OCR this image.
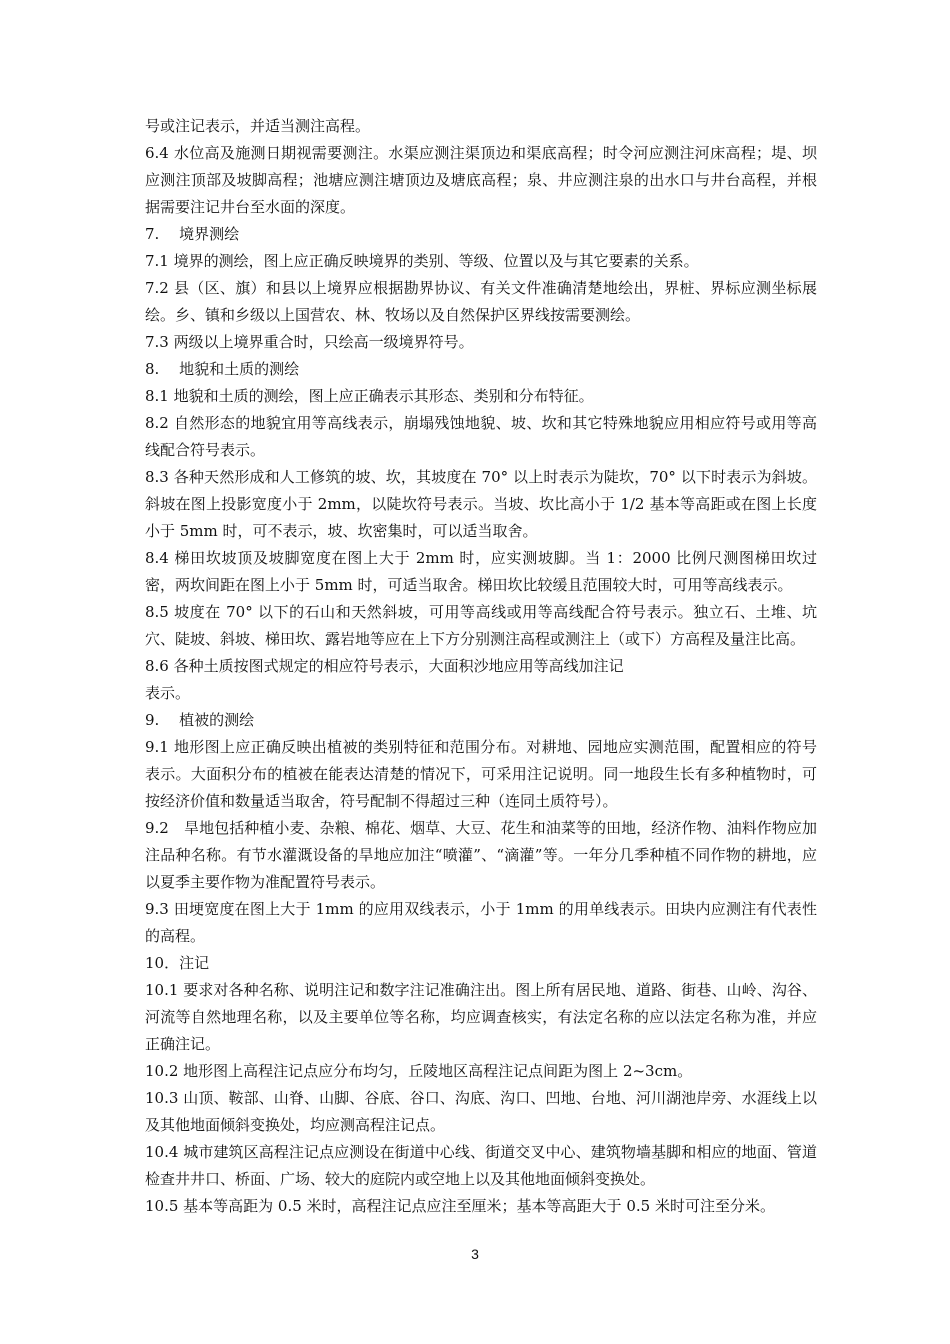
号或注记表示，并适当测注高程。

6.4 水位高及施测日期视需要测注。水渠应测注渠顶边和渠底高程；时令河应测注河床高程；堤、坝应测注顶部及坡脚高程；池塘应测注塘顶边及塘底高程；泉、井应测注泉的出水口与井台高程，并根据需要注记井台至水面的深度。

7.　 境界测绘

7.1 境界的测绘，图上应正确反映境界的类别、等级、位置以及与其它要素的关系。

7.2 县（区、旗）和县以上境界应根据勘界协议、有关文件准确清楚地绘出，界桩、界标应测坐标展绘。乡、镇和乡级以上国营农、林、牧场以及自然保护区界线按需要测绘。

7.3 两级以上境界重合时，只绘高一级境界符号。

8.　 地貌和土质的测绘

8.1 地貌和土质的测绘，图上应正确表示其形态、类别和分布特征。

8.2 自然形态的地貌宜用等高线表示，崩塌残蚀地貌、坡、坎和其它特殊地貌应用相应符号或用等高线配合符号表示。

8.3 各种天然形成和人工修筑的坡、坎，其坡度在 70° 以上时表示为陡坎，70° 以下时表示为斜坡。斜坡在图上投影宽度小于 2mm，以陡坎符号表示。当坡、坎比高小于 1/2 基本等高距或在图上长度小于 5mm 时，可不表示，坡、坎密集时，可以适当取舍。

8.4 梯田坎坡顶及坡脚宽度在图上大于 2mm 时，应实测坡脚。当 1：2000 比例尺测图梯田坎过密，两坎间距在图上小于 5mm 时，可适当取舍。梯田坎比较缓且范围较大时，可用等高线表示。

8.5 坡度在 70° 以下的石山和天然斜坡，可用等高线或用等高线配合符号表示。独立石、土堆、坑穴、陡坡、斜坡、梯田坎、露岩地等应在上下方分别测注高程或测注上（或下）方高程及量注比高。

8.6 各种土质按图式规定的相应符号表示，大面积沙地应用等高线加注记

表示。

9.　 植被的测绘

9.1 地形图上应正确反映出植被的类别特征和范围分布。对耕地、园地应实测范围，配置相应的符号表示。大面积分布的植被在能表达清楚的情况下，可采用注记说明。同一地段生长有多种植物时，可按经济价值和数量适当取舍，符号配制不得超过三种（连同土质符号）。

9.2　旱地包括种植小麦、杂粮、棉花、烟草、大豆、花生和油菜等的田地，经济作物、油料作物应加注品种名称。有节水灌溉设备的旱地应加注“喷灌”、“滴灌”等。一年分几季种植不同作物的耕地，应以夏季主要作物为准配置符号表示。

9.3 田埂宽度在图上大于 1mm 的应用双线表示，小于 1mm 的用单线表示。田块内应测注有代表性的高程。

10．注记

10.1 要求对各种名称、说明注记和数字注记准确注出。图上所有居民地、道路、街巷、山岭、沟谷、河流等自然地理名称，以及主要单位等名称，均应调查核实，有法定名称的应以法定名称为准，并应正确注记。

10.2 地形图上高程注记点应分布均匀，丘陵地区高程注记点间距为图上 2~3cm。

10.3 山顶、鞍部、山脊、山脚、谷底、谷口、沟底、沟口、凹地、台地、河川湖池岸旁、水涯线上以及其他地面倾斜变换处，均应测高程注记点。

10.4 城市建筑区高程注记点应测设在街道中心线、街道交叉中心、建筑物墙基脚和相应的地面、管道检查井井口、桥面、广场、较大的庭院内或空地上以及其他地面倾斜变换处。

10.5 基本等高距为 0.5 米时，高程注记点应注至厘米；基本等高距大于 0.5 米时可注至分米。

3
